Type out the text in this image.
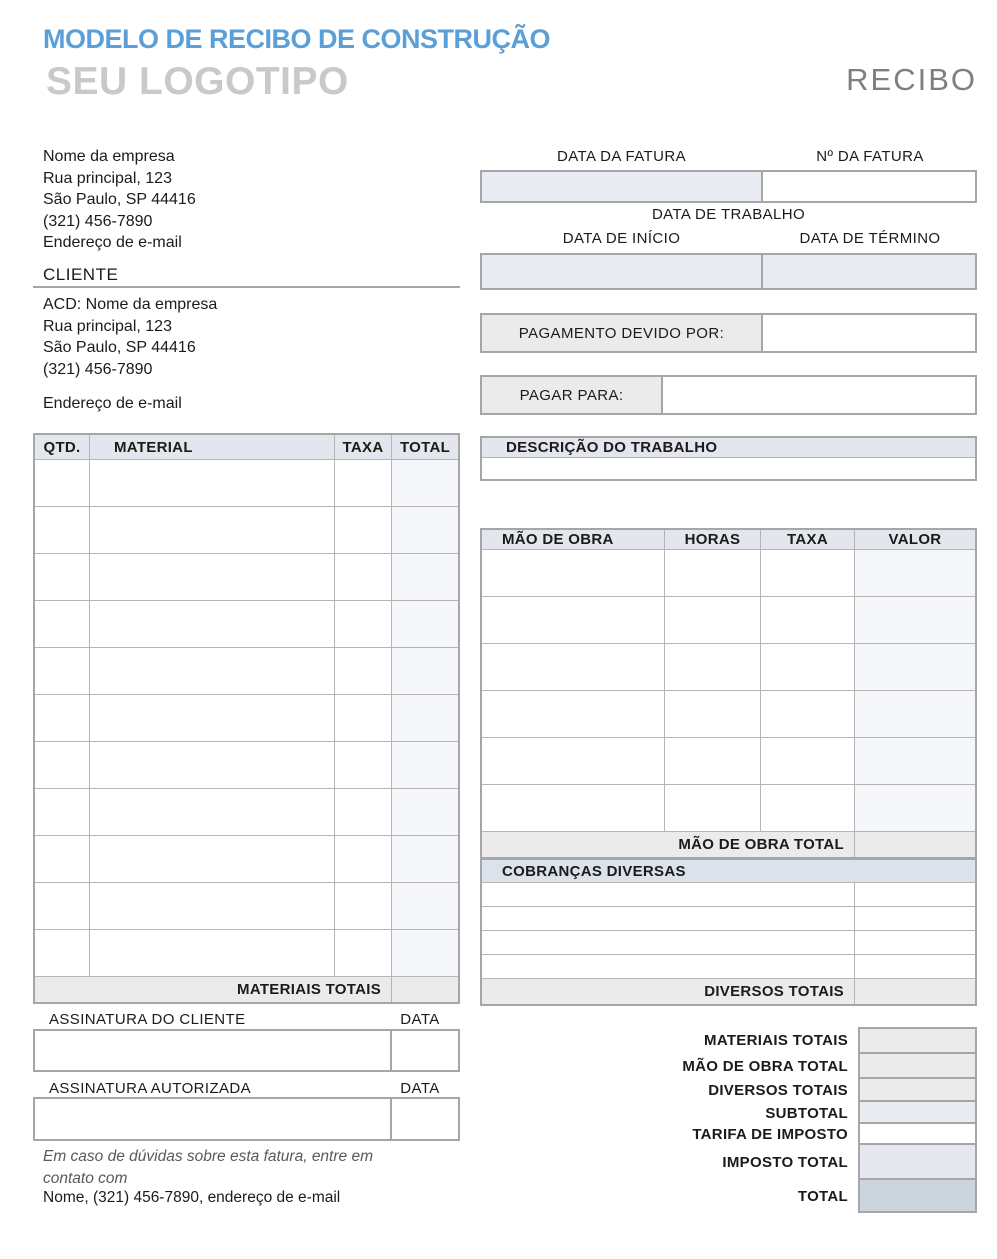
MODELO DE RECIBO DE CONSTRUÇÃO
SEU LOGOTIPO	RECIBO
Nome da empresa
Rua principal, 123
São Paulo, SP 44416
(321) 456-7890
Endereço de e-mail
CLIENTE
ACD: Nome da empresa
Rua principal, 123
São Paulo, SP 44416
(321) 456-7890
Endereço de e-mail
DATA DA FATURA	Nº DA FATURA
DATA DE TRABALHO
DATA DE INÍCIO	DATA DE TÉRMINO
PAGAMENTO DEVIDO POR:
PAGAR PARA:
QTD.	MATERIAL	TAXA	TOTAL
MATERIAIS TOTAIS
DESCRIÇÃO DO TRABALHO
MÃO DE OBRA	HORAS	TAXA	VALOR
MÃO DE OBRA TOTAL
COBRANÇAS DIVERSAS
DIVERSOS TOTAIS
ASSINATURA DO CLIENTE	DATA
ASSINATURA AUTORIZADA	DATA
Em caso de dúvidas sobre esta fatura, entre em contato com
Nome, (321) 456-7890, endereço de e-mail
MATERIAIS TOTAIS
MÃO DE OBRA TOTAL
DIVERSOS TOTAIS
SUBTOTAL
TARIFA DE IMPOSTO
IMPOSTO TOTAL
TOTAL
